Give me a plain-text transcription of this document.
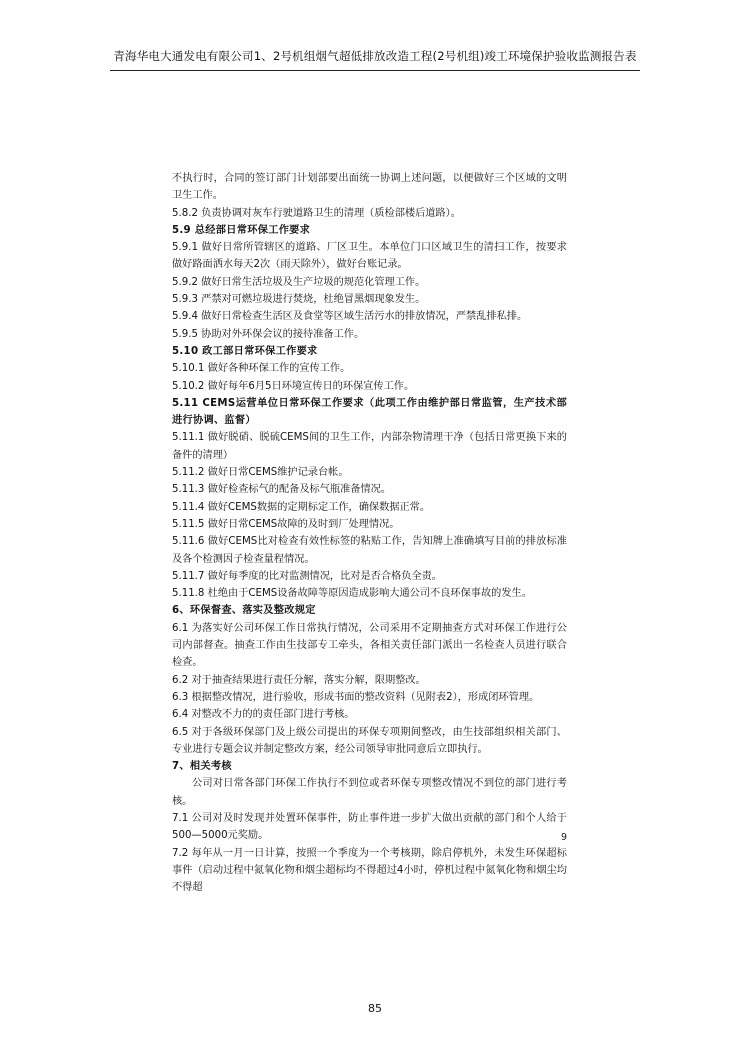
青海华电大通发电有限公司1、2号机组烟气超低排放改造工程(2号机组)竣工环境保护验收监测报告表

不执行时，合同的签订部门计划部要出面统一协调上述问题，以便做好三个区域的文明卫生工作。

5.8.2 负责协调对灰车行驶道路卫生的清理（质检部楼后道路）。

5.9 总经部日常环保工作要求

5.9.1 做好日常所管辖区的道路、厂区卫生。本单位门口区域卫生的清扫工作，按要求做好路面洒水每天2次（雨天除外），做好台账记录。

5.9.2 做好日常生活垃圾及生产垃圾的规范化管理工作。

5.9.3 严禁对可燃垃圾进行焚烧，杜绝冒黑烟现象发生。

5.9.4 做好日常检查生活区及食堂等区域生活污水的排放情况，严禁乱排私排。

5.9.5 协助对外环保会议的接待准备工作。

5.10 政工部日常环保工作要求

5.10.1 做好各种环保工作的宣传工作。

5.10.2 做好每年6月5日环境宣传日的环保宣传工作。

5.11 CEMS运营单位日常环保工作要求（此项工作由维护部日常监管，生产技术部进行协调、监督）

5.11.1 做好脱硝、脱硫CEMS间的卫生工作，内部杂物清理干净（包括日常更换下来的备件的清理）

5.11.2 做好日常CEMS维护记录台帐。

5.11.3 做好检查标气的配备及标气瓶准备情况。

5.11.4 做好CEMS数据的定期标定工作，确保数据正常。

5.11.5 做好日常CEMS故障的及时到厂处理情况。

5.11.6 做好CEMS比对检查有效性标签的粘贴工作，告知牌上准确填写目前的排放标准及各个检测因子检查量程情况。

5.11.7 做好每季度的比对监测情况，比对是否合格负全责。

5.11.8 杜绝由于CEMS设备故障等原因造成影响大通公司不良环保事故的发生。

6、环保督查、落实及整改规定

6.1 为落实好公司环保工作日常执行情况，公司采用不定期抽查方式对环保工作进行公司内部督查。抽查工作由生技部专工牵头，各相关责任部门派出一名检查人员进行联合检查。

6.2 对于抽查结果进行责任分解，落实分解，限期整改。

6.3 根据整改情况，进行验收，形成书面的整改资料（见附表2），形成闭环管理。

6.4 对整改不力的的责任部门进行考核。

6.5 对于各级环保部门及上级公司提出的环保专项期间整改，由生技部组织相关部门、专业进行专题会议并制定整改方案，经公司领导审批同意后立即执行。

7、相关考核

公司对日常各部门环保工作执行不到位或者环保专项整改情况不到位的部门进行考核。

7.1 公司对及时发现并处置环保事件，防止事件进一步扩大做出贡献的部门和个人给于500—5000元奖励。

7.2 每年从一月一日计算，按照一个季度为一个考核期，除启停机外，未发生环保超标事件（启动过程中氮氧化物和烟尘超标均不得超过4小时，停机过程中氮氧化物和烟尘均不得超

9
85
